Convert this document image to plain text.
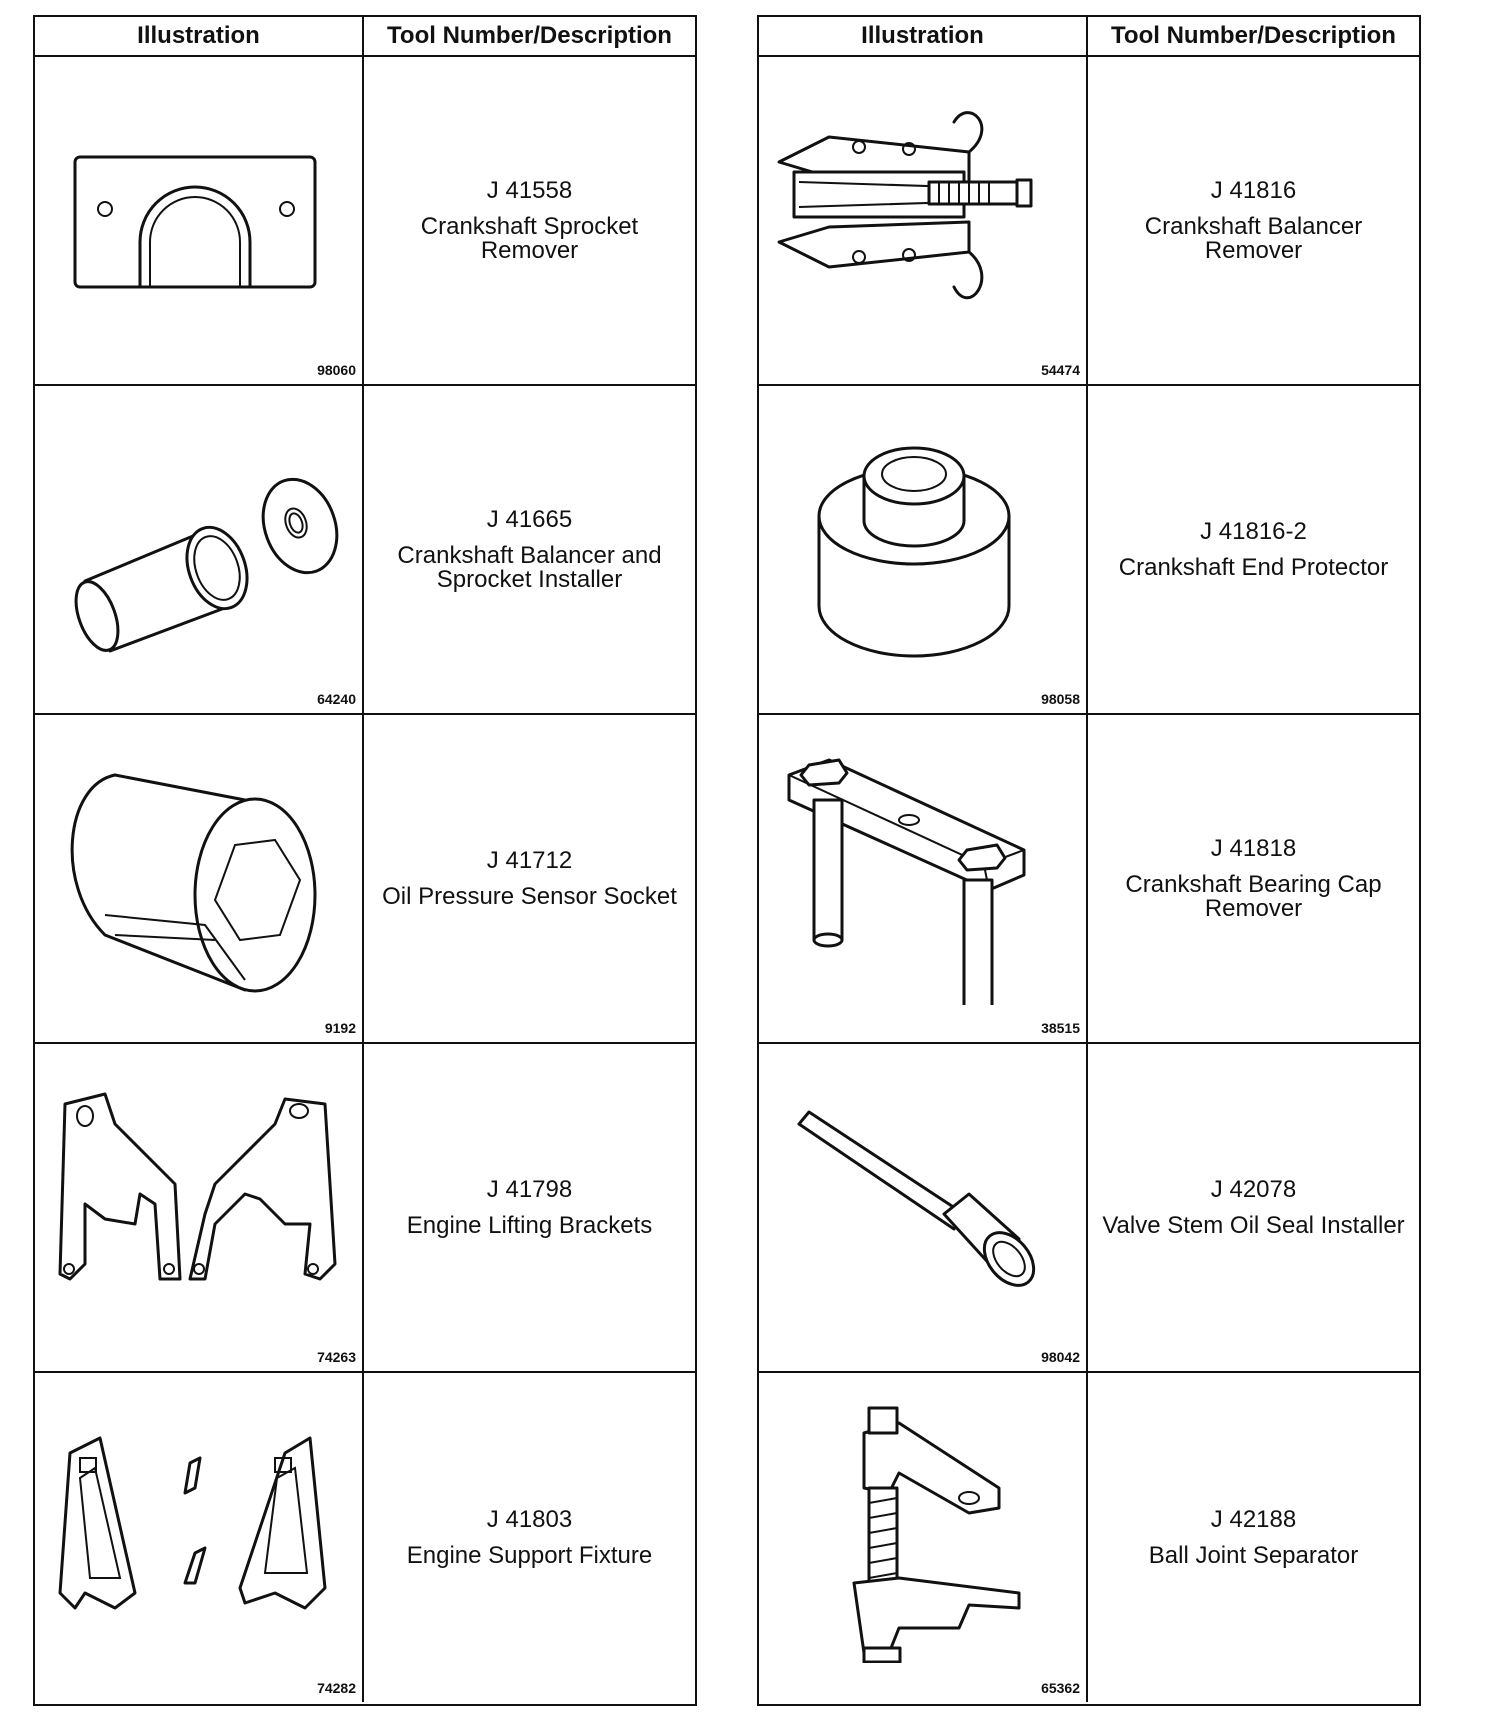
Illustration	Tool Number/Description
98060
J 41558
Crankshaft Sprocket
Remover
64240
J 41665
Crankshaft Balancer and
Sprocket Installer
9192
J 41712
Oil Pressure Sensor Socket
74263
J 41798
Engine Lifting Brackets
74282
J 41803
Engine Support Fixture
Illustration	Tool Number/Description
54474
J 41816
Crankshaft Balancer
Remover
98058
J 41816-2
Crankshaft End Protector
38515
J 41818
Crankshaft Bearing Cap
Remover
98042
J 42078
Valve Stem Oil Seal Installer
65362
J 42188
Ball Joint Separator
